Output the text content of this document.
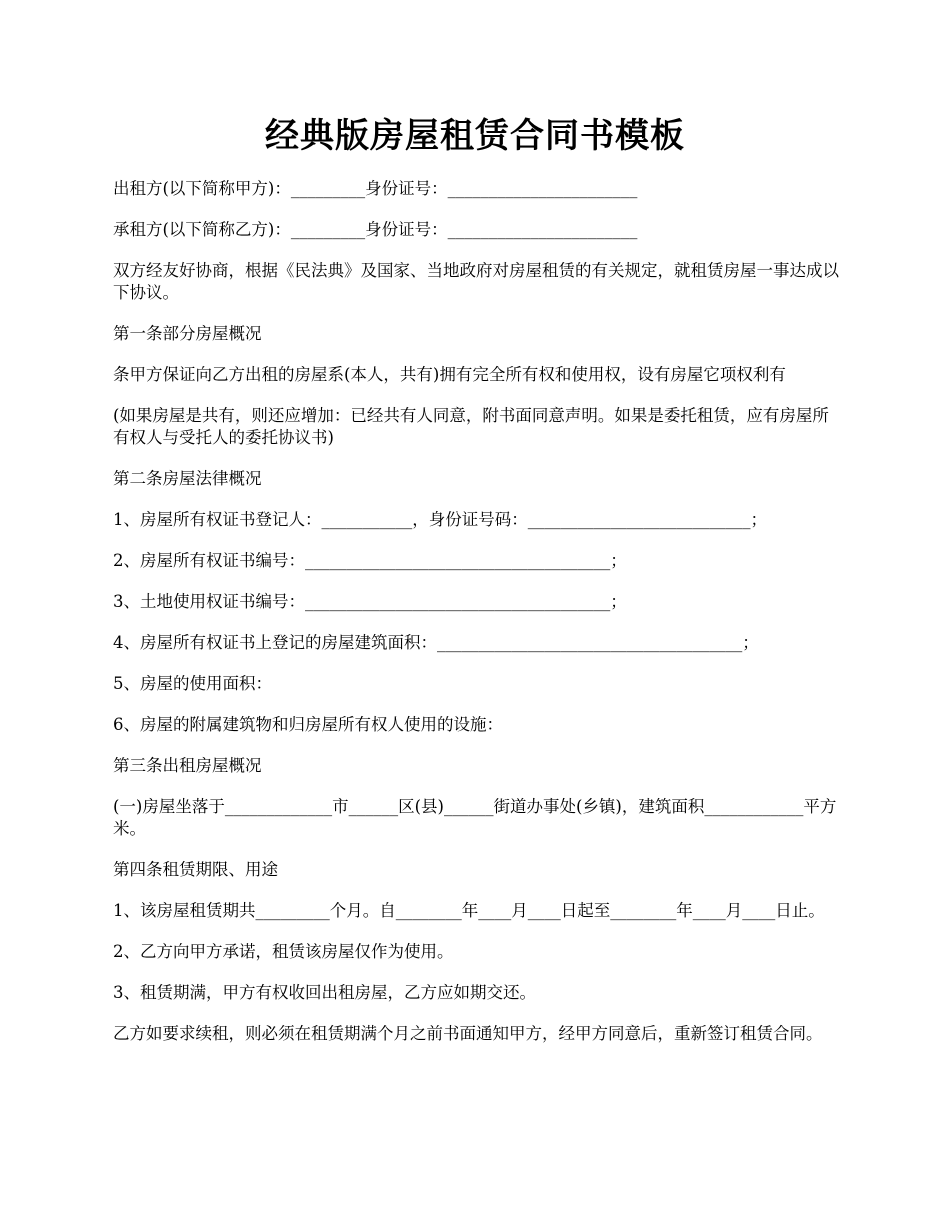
经典版房屋租赁合同书模板

出租方(以下简称甲方)：_________身份证号：_______________________

承租方(以下简称乙方)：_________身份证号：_______________________

双方经友好协商，根据《民法典》及国家、当地政府对房屋租赁的有关规定，就租赁房屋一事达成以下协议。

第一条部分房屋概况

条甲方保证向乙方出租的房屋系(本人，共有)拥有完全所有权和使用权，设有房屋它项权利有

(如果房屋是共有，则还应增加：已经共有人同意，附书面同意声明。如果是委托租赁，应有房屋所有权人与受托人的委托协议书)

第二条房屋法律概况

1、房屋所有权证书登记人：___________，身份证号码：___________________________；

2、房屋所有权证书编号：_____________________________________；

3、土地使用权证书编号：_____________________________________；

4、房屋所有权证书上登记的房屋建筑面积：_____________________________________；

5、房屋的使用面积：

6、房屋的附属建筑物和归房屋所有权人使用的设施：

第三条出租房屋概况

(一)房屋坐落于_____________市______区(县)______街道办事处(乡镇)，建筑面积____________平方米。

第四条租赁期限、用途

1、该房屋租赁期共_________个月。自________年____月____日起至________年____月____日止。

2、乙方向甲方承诺，租赁该房屋仅作为使用。

3、租赁期满，甲方有权收回出租房屋，乙方应如期交还。

乙方如要求续租，则必须在租赁期满个月之前书面通知甲方，经甲方同意后，重新签订租赁合同。
